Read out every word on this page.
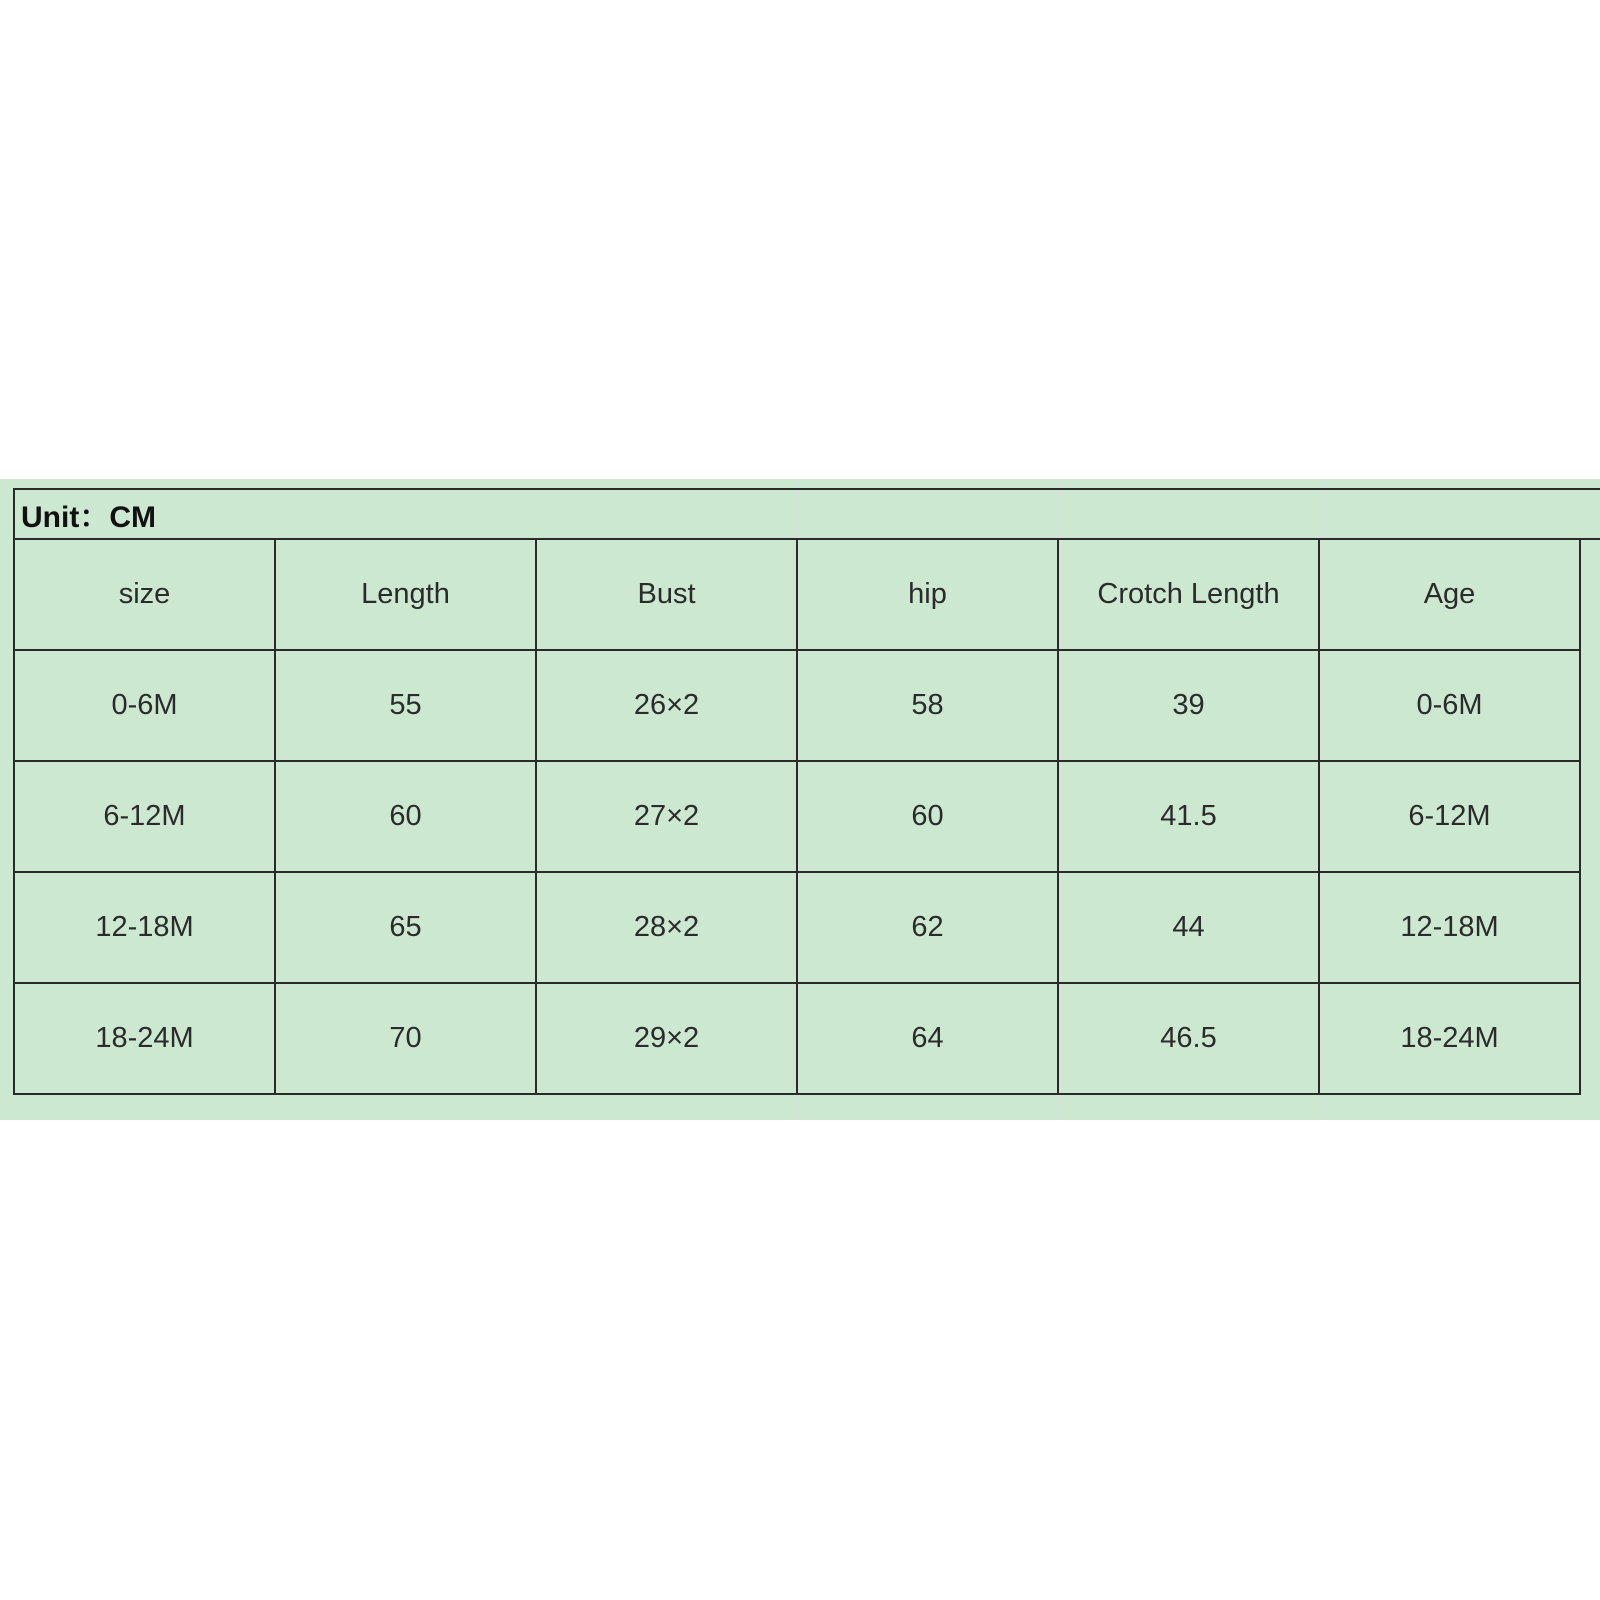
Unit：CM						
size	Length	Bust	hip	Crotch Length	Age	
0-6M	55	26×2	58	39	0-6M	
6-12M	60	27×2	60	41.5	6-12M	
12-18M	65	28×2	62	44	12-18M	
18-24M	70	29×2	64	46.5	18-24M	
